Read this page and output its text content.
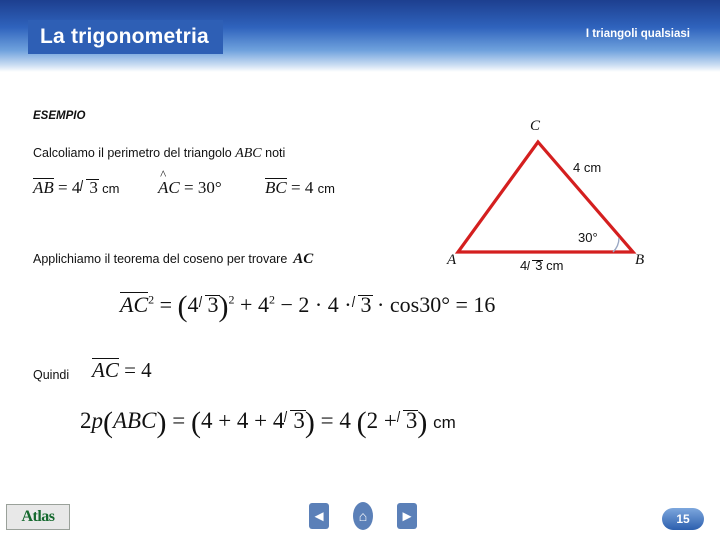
La trigonometria	I triangoli qualsiasi
ESEMPIO
Calcoliamo il perimetro del triangolo ABC noti
AB = 4 3 cm A ^C = 30°	BC = 4 cm
Applichiamo il teorema del coseno per trovare AC
$AC^2 = (4$ $3)^2 + 4^2 - 2 \cdot 4 \cdot 3 \cdot \cos 30^\circ = 16$
Quindi AC = 4
2p(ABC) = (4 + 4 + 4 3) = 4 (2 + 3) cm
C
A	B
4 cm
4 3 cm
30°
Atlas	◄	⌂	►	15
